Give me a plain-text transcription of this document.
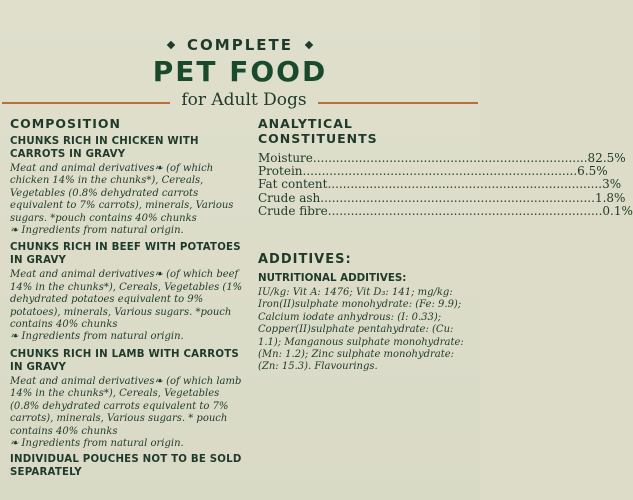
COMPLETE
PET FOOD
for Adult Dogs
COMPOSITION
CHUNKS RICH IN CHICKEN WITH CARROTS IN GRAVY

Meat and animal derivatives❧ (of which chicken 14% in the chunks*), Cereals, Vegetables (0.8% dehydrated carrots equivalent to 7% carrots), minerals, Various sugars. *pouch contains 40% chunks

❧ Ingredients from natural origin.

CHUNKS RICH IN BEEF WITH POTATOES IN GRAVY

Meat and animal derivatives❧ (of which beef 14% in the chunks*), Cereals, Vegetables (1% dehydrated potatoes equivalent to 9% potatoes), minerals, Various sugars. *pouch contains 40% chunks

❧ Ingredients from natural origin.

CHUNKS RICH IN LAMB WITH CARROTS IN GRAVY

Meat and animal derivatives❧ (of which lamb 14% in the chunks*), Cereals, Vegetables (0.8% dehydrated carrots equivalent to 7% carrots), minerals, Various sugars. * pouch contains 40% chunks

❧ Ingredients from natural origin.

INDIVIDUAL POUCHES NOT TO BE SOLD SEPARATELY
ANALYTICAL
CONSTITUENTS
Moisture ........................................................................ 82.5%
Protein ........................................................................ 6.5%
Fat content ........................................................................ 3%
Crude ash ........................................................................ 1.8%
Crude fibre ........................................................................ 0.1%
ADDITIVES:
NUTRITIONAL ADDITIVES:

IU/kg: Vit A: 1476; Vit D₃: 141; mg/kg: Iron(II)sulphate monohydrate: (Fe: 9.9); Calcium iodate anhydrous: (I: 0.33); Copper(II)sulphate pentahydrate: (Cu: 1.1); Manganous sulphate monohydrate: (Mn: 1.2); Zinc sulphate monohydrate: (Zn: 15.3). Flavourings.
